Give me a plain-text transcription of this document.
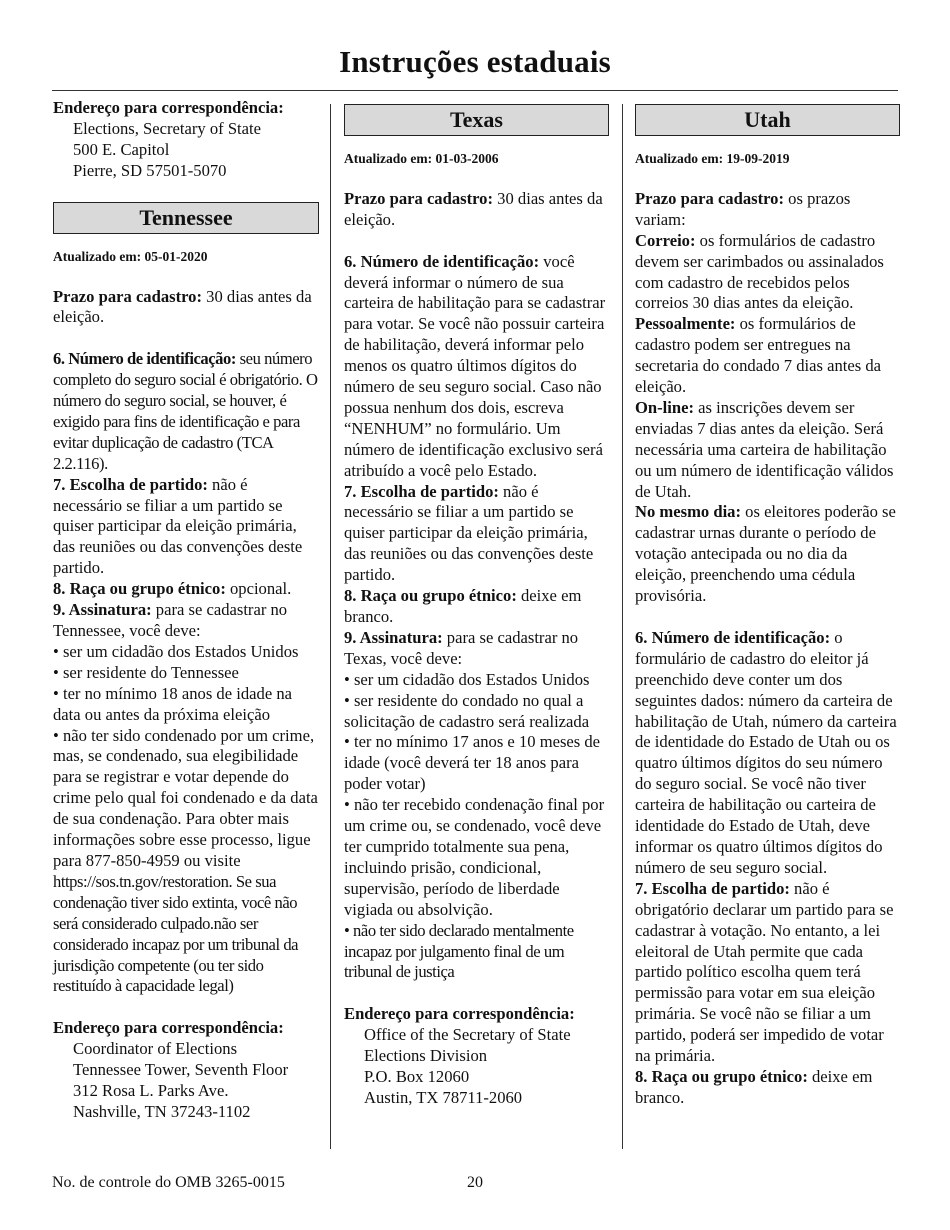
Instruções estaduais

Endereço para correspondência:

Elections, Secretary of State
500 E. Capitol
Pierre, SD 57501-5070
Tennessee
Atualizado em: 05-01-2020

Prazo para cadastro: 30 dias antes da eleição.

6. Número de identificação: seu número completo do seguro social é obrigatório. O número do seguro social, se houver, é exigido para fins de identificação e para evitar duplicação de cadastro (TCA 2.2.116).

7. Escolha de partido: não é necessário se filiar a um partido se quiser participar da eleição primária, das reuniões ou das convenções deste partido.

8. Raça ou grupo étnico: opcional.

9. Assinatura: para se cadastrar no Tennessee, você deve:

• ser um cidadão dos Estados Unidos

• ser residente do Tennessee

• ter no mínimo 18 anos de idade na data ou antes da próxima eleição

• não ter sido condenado por um crime, mas, se condenado, sua elegibilidade para se registrar e votar depende do crime pelo qual foi condenado e da data de sua condenação. Para obter mais informações sobre esse processo, ligue para 877-850-4959 ou visite https://sos.tn.gov/restoration. Se sua condenação tiver sido extinta, você não será considerado culpado.não ser considerado incapaz por um tribunal da jurisdição competente (ou ter sido restituído à capacidade legal)

Endereço para correspondência:

Coordinator of Elections
Tennessee Tower, Seventh Floor
312 Rosa L. Parks Ave.
Nashville, TN 37243-1102
Texas
Atualizado em: 01-03-2006

Prazo para cadastro: 30 dias antes da eleição.

6. Número de identificação: você deverá informar o número de sua carteira de habilitação para se cadastrar para votar. Se você não possuir carteira de habilitação, deverá informar pelo menos os quatro últimos dígitos do número de seu seguro social. Caso não possua nenhum dos dois, escreva “NENHUM” no formulário. Um número de identificação exclusivo será atribuído a você pelo Estado.

7. Escolha de partido: não é necessário se filiar a um partido se quiser participar da eleição primária, das reuniões ou das convenções deste partido.

8. Raça ou grupo étnico: deixe em branco.

9. Assinatura: para se cadastrar no Texas, você deve:

• ser um cidadão dos Estados Unidos

• ser residente do condado no qual a solicitação de cadastro será realizada

• ter no mínimo 17 anos e 10 meses de idade (você deverá ter 18 anos para poder votar)

• não ter recebido condenação final por um crime ou, se condenado, você deve ter cumprido totalmente sua pena, incluindo prisão, condicional, supervisão, período de liberdade vigiada ou absolvição.

• não ter sido declarado mentalmente incapaz por julgamento final de um tribunal de justiça

Endereço para correspondência:

Office of the Secretary of State
Elections Division
P.O. Box 12060
Austin, TX 78711-2060
Utah
Atualizado em: 19-09-2019

Prazo para cadastro: os prazos variam:

Correio: os formulários de cadastro devem ser carimbados ou assinalados com cadastro de recebidos pelos correios 30 dias antes da eleição.

Pessoalmente: os formulários de cadastro podem ser entregues na secretaria do condado 7 dias antes da eleição.

On-line: as inscrições devem ser enviadas 7 dias antes da eleição. Será necessária uma carteira de habilitação ou um número de identificação válidos de Utah.

No mesmo dia: os eleitores poderão se cadastrar urnas durante o período de votação antecipada ou no dia da eleição, preenchendo uma cédula provisória.

6. Número de identificação: o formulário de cadastro do eleitor já preenchido deve conter um dos seguintes dados: número da carteira de habilitação de Utah, número da carteira de identidade do Estado de Utah ou os quatro últimos dígitos do seu número do seguro social. Se você não tiver carteira de habilitação ou carteira de identidade do Estado de Utah, deve informar os quatro últimos dígitos do número de seu seguro social.

7. Escolha de partido: não é obrigatório declarar um partido para se cadastrar à votação. No entanto, a lei eleitoral de Utah permite que cada partido político escolha quem terá permissão para votar em sua eleição primária. Se você não se filiar a um partido, poderá ser impedido de votar na primária.

8. Raça ou grupo étnico: deixe em branco.

No. de controle do OMB 3265-0015	20
